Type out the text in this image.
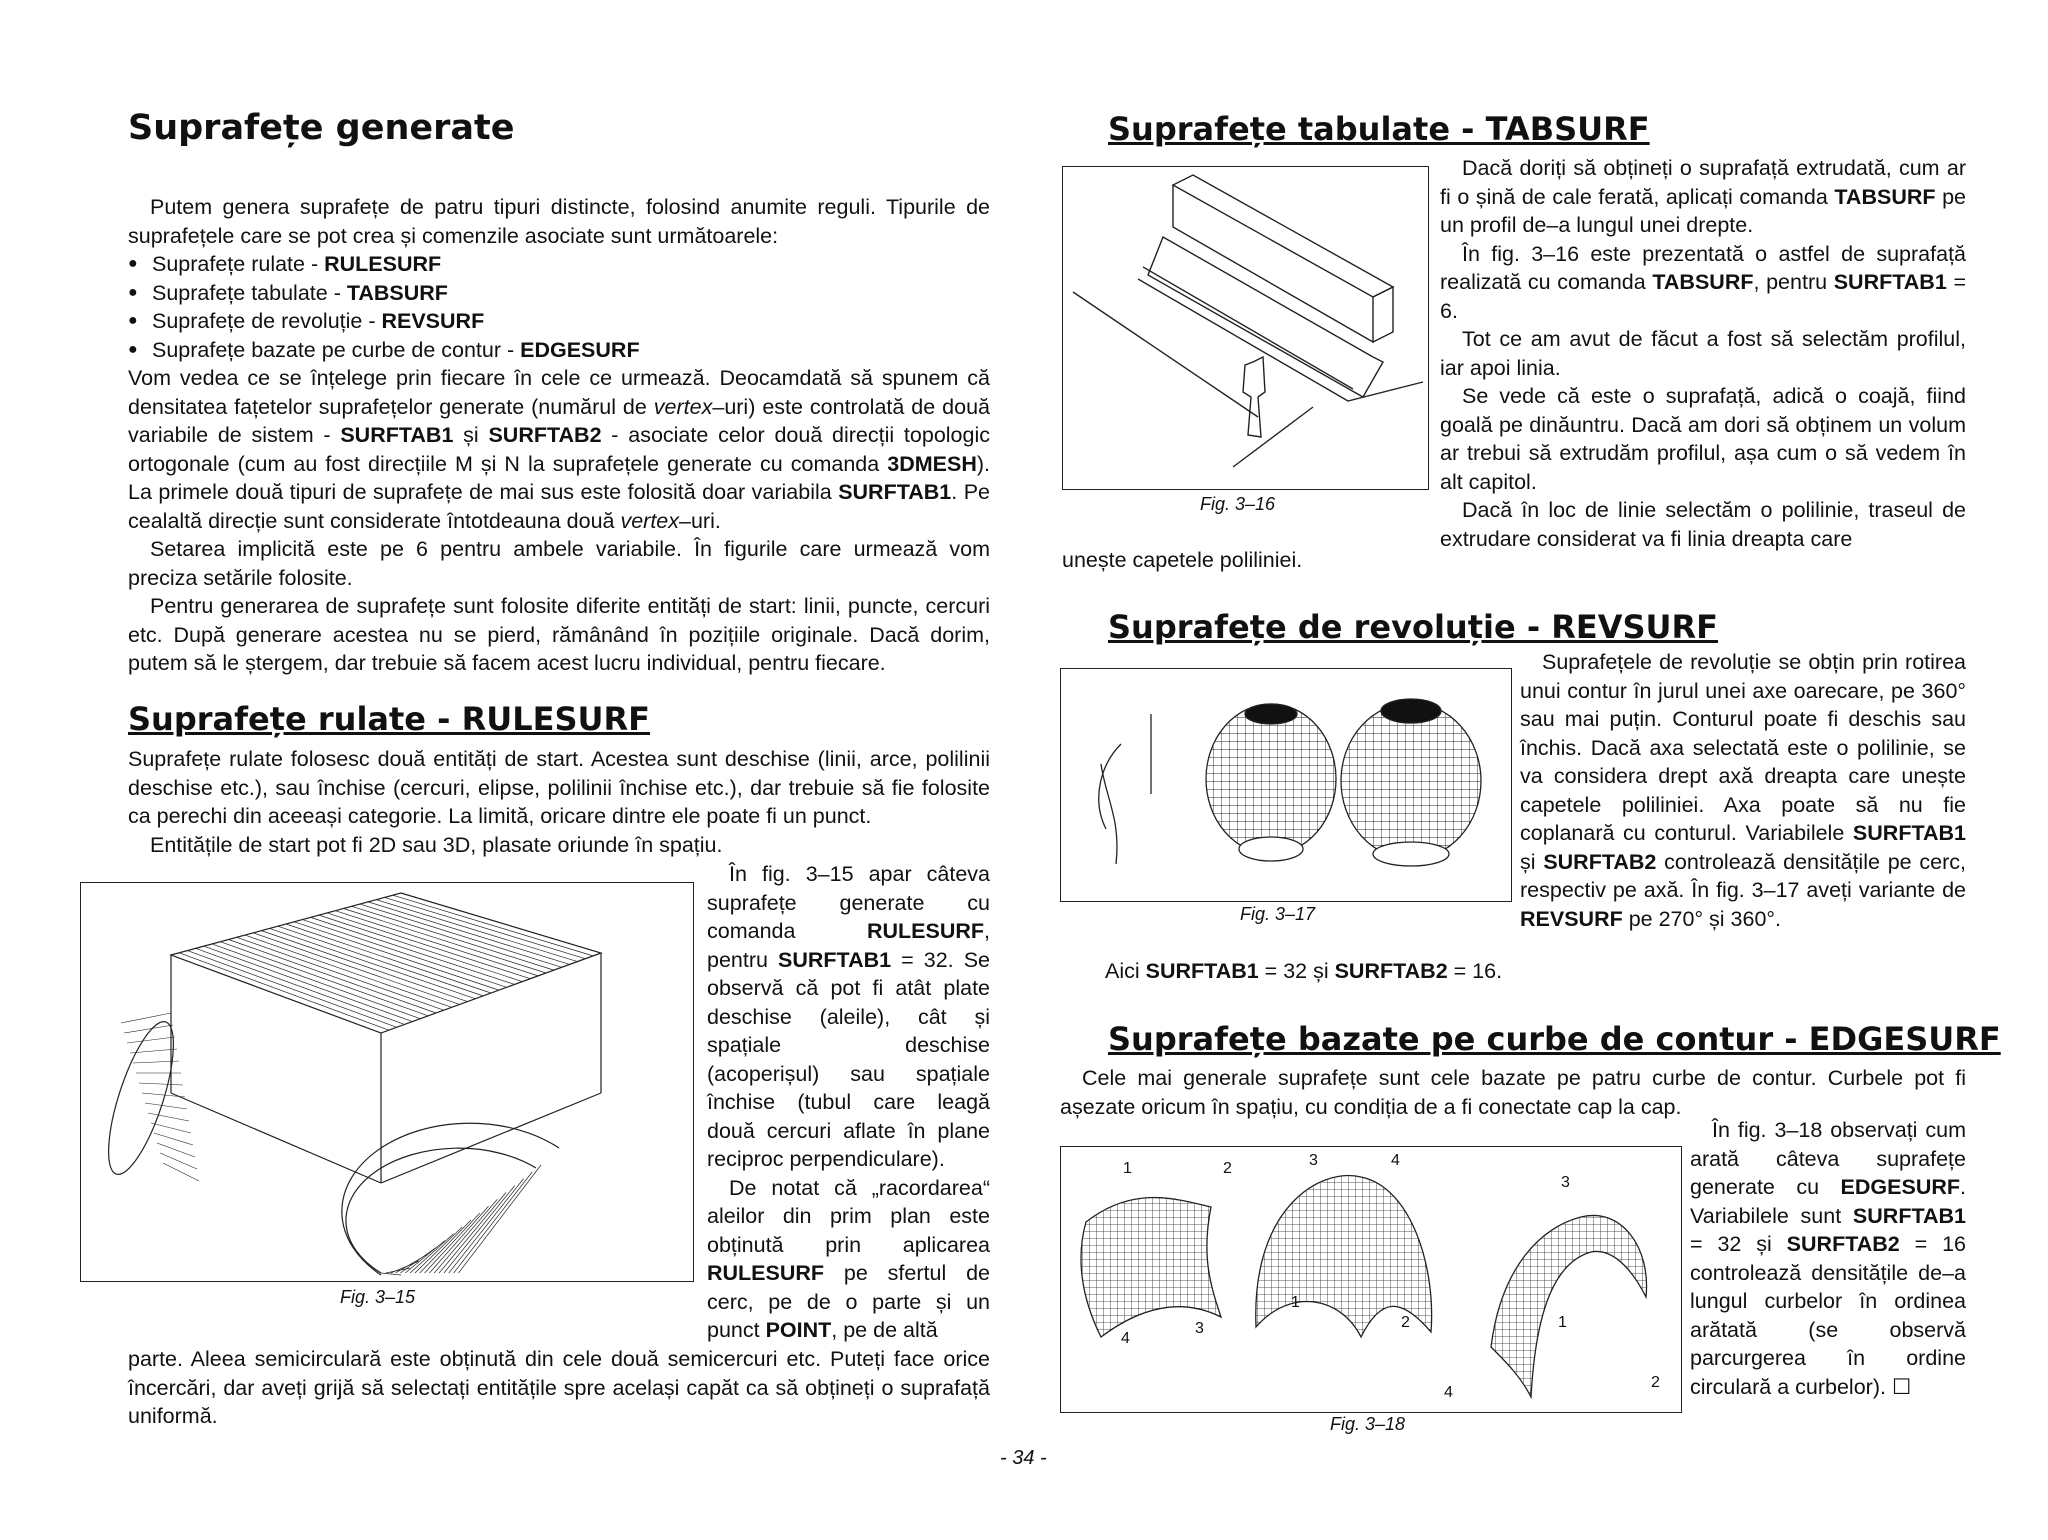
Suprafețe generate

Putem genera suprafețe de patru tipuri distincte, folosind anumite reguli. Tipurile de suprafețele care se pot crea și comenzile asociate sunt următoarele:

● Suprafețe rulate - RULESURF
● Suprafețe tabulate - TABSURF
● Suprafețe de revoluție - REVSURF
● Suprafețe bazate pe curbe de contur - EDGESURF

Vom vedea ce se înțelege prin fiecare în cele ce urmează. Deocamdată să spunem că densitatea fațetelor suprafețelor generate (numărul de vertex–uri) este controlată de două variabile de sistem - SURFTAB1 și SURFTAB2 - asociate celor două direcții topologic ortogonale (cum au fost direcțiile M și N la suprafețele generate cu comanda 3DMESH). La primele două tipuri de suprafețe de mai sus este folosită doar variabila SURFTAB1. Pe cealaltă direcție sunt considerate întotdeauna două vertex–uri.

Setarea implicită este pe 6 pentru ambele variabile. În figurile care urmează vom preciza setările folosite.

Pentru generarea de suprafețe sunt folosite diferite entități de start: linii, puncte, cercuri etc. După generare acestea nu se pierd, rămânând în pozițiile originale. Dacă dorim, putem să le ștergem, dar trebuie să facem acest lucru individual, pentru fiecare.

Suprafețe rulate - RULESURF

Suprafețe rulate folosesc două entități de start. Acestea sunt deschise (linii, arce, polilinii deschise etc.), sau închise (cercuri, elipse, polilinii închise etc.), dar trebuie să fie folosite ca perechi din aceeași categorie. La limită, oricare dintre ele poate fi un punct.

Entitățile de start pot fi 2D sau 3D, plasate oriunde în spațiu.

Fig. 3–15

În fig. 3–15 apar câteva suprafețe generate cu comanda RULESURF, pentru SURFTAB1 = 32. Se observă că pot fi atât plate deschise (aleile), cât și spațiale deschise (acoperișul) sau spațiale închise (tubul care leagă două cercuri aflate în plane reciproc perpendiculare).

De notat că „racordarea“ aleilor din prim plan este obținută prin aplicarea RULESURF pe sfertul de cerc, pe de o parte și un punct POINT, pe de altă

parte. Aleea semicirculară este obținută din cele două semicercuri etc. Puteți face orice încercări, dar aveți grijă să selectați entitățile spre același capăt ca să obțineți o suprafață uniformă.

Suprafețe tabulate - TABSURF
Fig. 3–16

Dacă doriți să obțineți o suprafață extrudată, cum ar fi o șină de cale ferată, aplicați comanda TABSURF pe un profil de–a lungul unei drepte.

În fig. 3–16 este prezentată o astfel de suprafață realizată cu comanda TABSURF, pentru SURFTAB1 = 6.

Tot ce am avut de făcut a fost să selectăm profilul, iar apoi linia.

Se vede că este o suprafață, adică o coajă, fiind goală pe dinăuntru. Dacă am dori să obținem un volum ar trebui să extrudăm profilul, așa cum o să vedem în alt capitol.

Dacă în loc de linie selectăm o polilinie, traseul de extrudare considerat va fi linia dreapta care

unește capetele poliliniei.

Suprafețe de revoluție - REVSURF
Fig. 3–17

Suprafețele de revoluție se obțin prin rotirea unui contur în jurul unei axe oarecare, pe 360° sau mai puțin. Conturul poate fi deschis sau închis. Dacă axa selectată este o polilinie, se va considera drept axă dreapta care unește capetele poliliniei. Axa poate să nu fie coplanară cu conturul. Variabilele SURFTAB1 și SURFTAB2 controlează densitățile pe cerc, respectiv pe axă. În fig. 3–17 aveți variante de REVSURF pe 270° și 360°.

Aici SURFTAB1 = 32 și SURFTAB2 = 16.

Suprafețe bazate pe curbe de contur - EDGESURF

Cele mai generale suprafețe sunt cele bazate pe patru curbe de contur. Curbele pot fi așezate oricum în spațiu, cu condiția de a fi conectate cap la cap.

1	2	3	4
4
3
1
2
3
1
2
4
Fig. 3–18

În fig. 3–18 observați cum arată câteva suprafețe generate cu EDGESURF. Variabilele sunt SURFTAB1 = 32 și SURFTAB2 = 16 controlează densitățile de–a lungul curbelor în ordinea arătată (se observă parcurgerea în ordine circulară a curbelor). ☐

- 34 -
